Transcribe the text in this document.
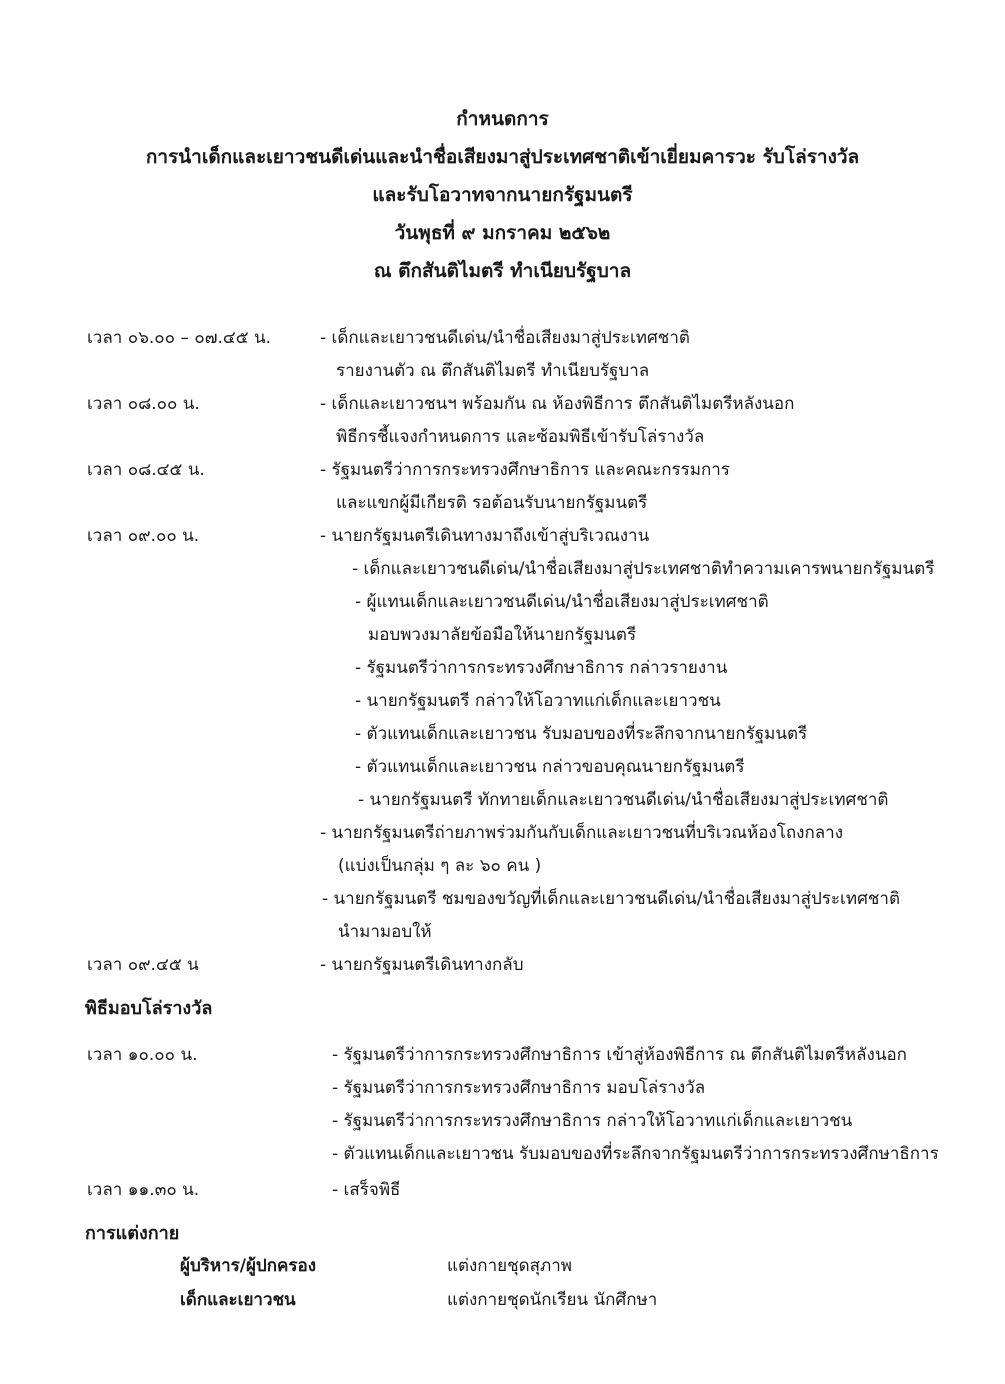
กำหนดการ
การนำเด็กและเยาวชนดีเด่นและนำชื่อเสียงมาสู่ประเทศชาติเข้าเยี่ยมคารวะ รับโล่รางวัล
และรับโอวาทจากนายกรัฐมนตรี
วันพุธที่ ๙ มกราคม ๒๕๖๒
ณ ตึกสันติไมตรี ทำเนียบรัฐบาล
เวลา ๐๖.๐๐ – ๐๗.๔๕ น.	- เด็กและเยาวชนดีเด่น/นำชื่อเสียงมาสู่ประเทศชาติ
รายงานตัว ณ ตึกสันติไมตรี ทำเนียบรัฐบาล
เวลา ๐๘.๐๐ น.	- เด็กและเยาวชนฯ พร้อมกัน ณ ห้องพิธีการ ตึกสันติไมตรีหลังนอก
พิธีกรชี้แจงกำหนดการ และซ้อมพิธีเข้ารับโล่รางวัล
เวลา ๐๘.๔๕ น.	- รัฐมนตรีว่าการกระทรวงศึกษาธิการ และคณะกรรมการ
และแขกผู้มีเกียรติ รอต้อนรับนายกรัฐมนตรี
เวลา ๐๙.๐๐ น.	- นายกรัฐมนตรีเดินทางมาถึงเข้าสู่บริเวณงาน
- เด็กและเยาวชนดีเด่น/นำชื่อเสียงมาสู่ประเทศชาติทำความเคารพนายกรัฐมนตรี
- ผู้แทนเด็กและเยาวชนดีเด่น/นำชื่อเสียงมาสู่ประเทศชาติ
มอบพวงมาลัยข้อมือให้นายกรัฐมนตรี
- รัฐมนตรีว่าการกระทรวงศึกษาธิการ กล่าวรายงาน
- นายกรัฐมนตรี กล่าวให้โอวาทแก่เด็กและเยาวชน
- ตัวแทนเด็กและเยาวชน รับมอบของที่ระลึกจากนายกรัฐมนตรี
- ตัวแทนเด็กและเยาวชน กล่าวขอบคุณนายกรัฐมนตรี
- นายกรัฐมนตรี ทักทายเด็กและเยาวชนดีเด่น/นำชื่อเสียงมาสู่ประเทศชาติ
- นายกรัฐมนตรีถ่ายภาพร่วมกันกับเด็กและเยาวชนที่บริเวณห้องโถงกลาง
(แบ่งเป็นกลุ่ม ๆ ละ ๖๐ คน )
- นายกรัฐมนตรี ชมของขวัญที่เด็กและเยาวชนดีเด่น/นำชื่อเสียงมาสู่ประเทศชาติ
นำมามอบให้
เวลา ๐๙.๔๕ น	- นายกรัฐมนตรีเดินทางกลับ
พิธีมอบโล่รางวัล
เวลา ๑๐.๐๐ น.	- รัฐมนตรีว่าการกระทรวงศึกษาธิการ เข้าสู่ห้องพิธีการ ณ ตึกสันติไมตรีหลังนอก
- รัฐมนตรีว่าการกระทรวงศึกษาธิการ มอบโล่รางวัล
- รัฐมนตรีว่าการกระทรวงศึกษาธิการ กล่าวให้โอวาทแก่เด็กและเยาวชน
- ตัวแทนเด็กและเยาวชน รับมอบของที่ระลึกจากรัฐมนตรีว่าการกระทรวงศึกษาธิการ
เวลา ๑๑.๓๐ น.	- เสร็จพิธี
การแต่งกาย
ผู้บริหาร/ผู้ปกครอง	แต่งกายชุดสุภาพ
เด็กและเยาวชน	แต่งกายชุดนักเรียน นักศึกษา
